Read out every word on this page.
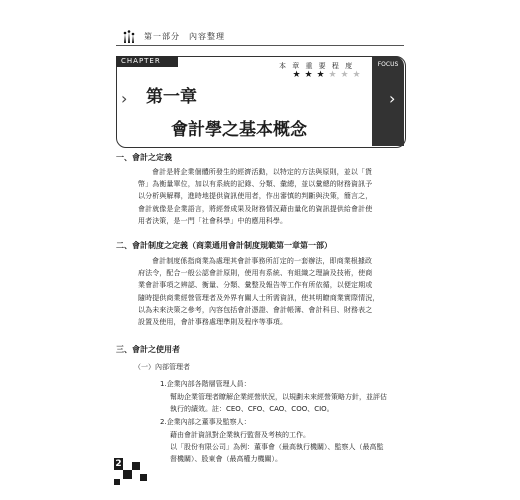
第一部分　內容整理
CHAPTER	FOCUS
本 章 重 要 程 度
★ ★ ★ ★ ★ ★
›	›
第一章
會計學之基本概念
一、會計之定義
會計是將企業個體所發生的經濟活動，以特定的方法與原則，並以「貨
幣」為衡量單位，加以有系統的記錄、分類、彙總，並以彙總的財務資訊予
以分析與解釋，進時地提供資訊使用者，作出審慎的判斷與決策，簡言之，
會計就像是企業語言，將經營成果及財務情況藉由量化的資訊提供給會計使
用者決策，是一門「社會科學」中的應用科學。
二、會計制度之定義（商業通用會計制度規範第一章第一部）
會計制度係指商業為處理其會計事務所訂定的一套辦法，即商業根據政
府法令，配合一般公認會計原則，使用有系統、有組織之理論及技術，使商
業會計事項之辨認、衡量、分類、彙整及報告等工作有所依循，以便定期或
隨時提供商業經營管理者及外界有關人士所需資訊，使其明瞭商業實際情況，
以為未來決策之參考，內容包括會計憑證、會計帳簿、會計科目、財務表之
設置及使用，會計事務處理準則及程序等事項。
三、會計之使用者
（一）內部管理者
1.企業內部各階層管理人員：
幫助企業管理者瞭解企業經營狀況，以規劃未來經營策略方針，並評估
執行的績效。註：CEO、CFO、CAO、COO、CIO。
2.企業內部之董事及監察人：
藉由會計資訊對企業執行監督及考核的工作。
以「股份有限公司」為例：董事會（最高執行機關）、監察人（最高監
督機關）、股東會（最高權力機關）。
2
